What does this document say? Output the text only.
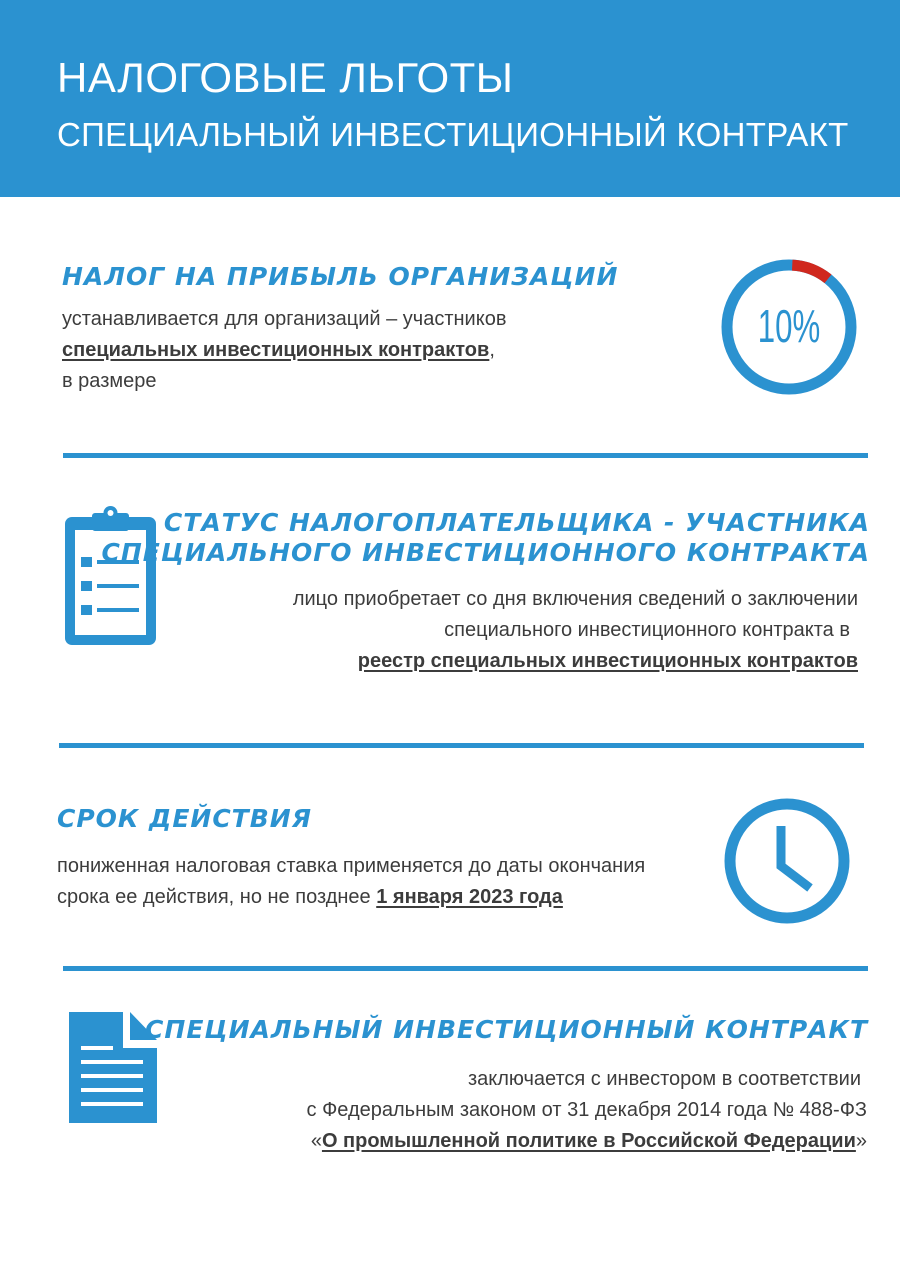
НАЛОГОВЫЕ ЛЬГОТЫ
СПЕЦИАЛЬНЫЙ ИНВЕСТИЦИОННЫЙ КОНТРАКТ
НАЛОГ НА ПРИБЫЛЬ ОРГАНИЗАЦИЙ
устанавливается для организаций – участников
специальных инвестиционных контрактов,
в размере
10%
СТАТУС НАЛОГОПЛАТЕЛЬЩИКА - УЧАСТНИКА
СПЕЦИАЛЬНОГО ИНВЕСТИЦИОННОГО КОНТРАКТА
лицо приобретает со дня включения сведений о заключении
специального инвестиционного контракта в
реестр специальных инвестиционных контрактов
СРОК ДЕЙСТВИЯ
пониженная налоговая ставка применяется до даты окончания
срока ее действия, но не позднее 1 января 2023 года
СПЕЦИАЛЬНЫЙ ИНВЕСТИЦИОННЫЙ КОНТРАКТ
заключается с инвестором в соответствии
с Федеральным законом от 31 декабря 2014 года № 488-ФЗ
«О промышленной политике в Российской Федерации»
